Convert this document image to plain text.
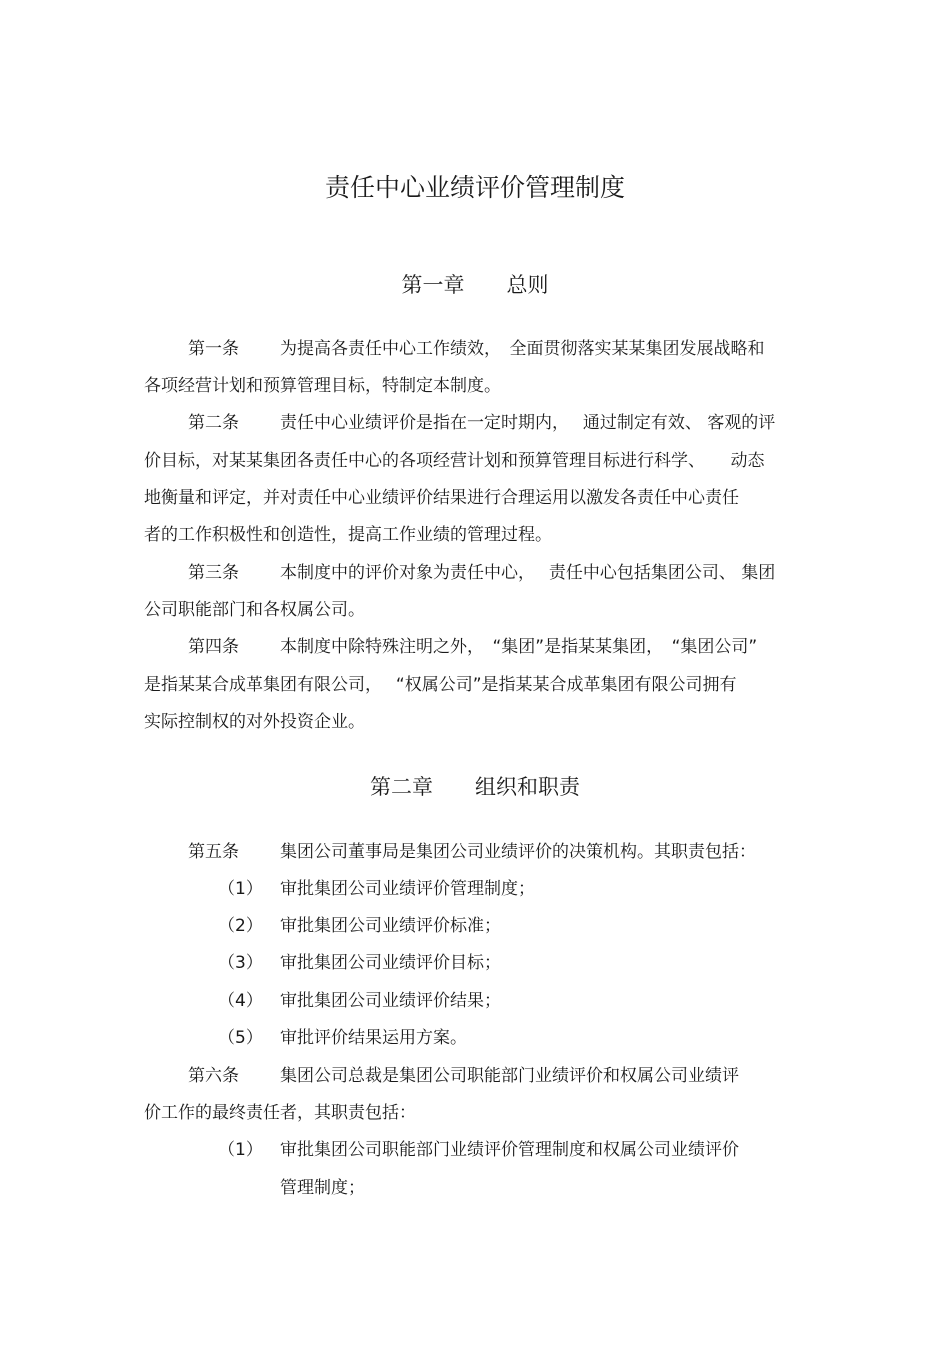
责任中心业绩评价管理制度
第一章　　 总则
第一条 为提高各责任中心工作绩效，　全面贯彻落实某某集团发展战略和
各项经营计划和预算管理目标，特制定本制度。
第二条 责任中心业绩评价是指在一定时期内，　 通过制定有效、 客观的评
价目标，对某某集团各责任中心的各项经营计划和预算管理目标进行科学、　　动态
地衡量和评定，并对责任中心业绩评价结果进行合理运用以激发各责任中心责任
者的工作积极性和创造性，提高工作业绩的管理过程。
第三条 本制度中的评价对象为责任中心，　 责任中心包括集团公司、 集团
公司职能部门和各权属公司。
第四条 本制度中除特殊注明之外，　“集团”是指某某集团，　“集团公司”
是指某某合成革集团有限公司，　 “权属公司”是指某某合成革集团有限公司拥有
实际控制权的对外投资企业。
第二章　　 组织和职责
第五条 集团公司董事局是集团公司业绩评价的决策机构。其职责包括：
（1） 审批集团公司业绩评价管理制度；
（2） 审批集团公司业绩评价标准；
（3） 审批集团公司业绩评价目标；
（4） 审批集团公司业绩评价结果；
（5） 审批评价结果运用方案。
第六条 集团公司总裁是集团公司职能部门业绩评价和权属公司业绩评
价工作的最终责任者，其职责包括：
（1） 审批集团公司职能部门业绩评价管理制度和权属公司业绩评价
管理制度；
